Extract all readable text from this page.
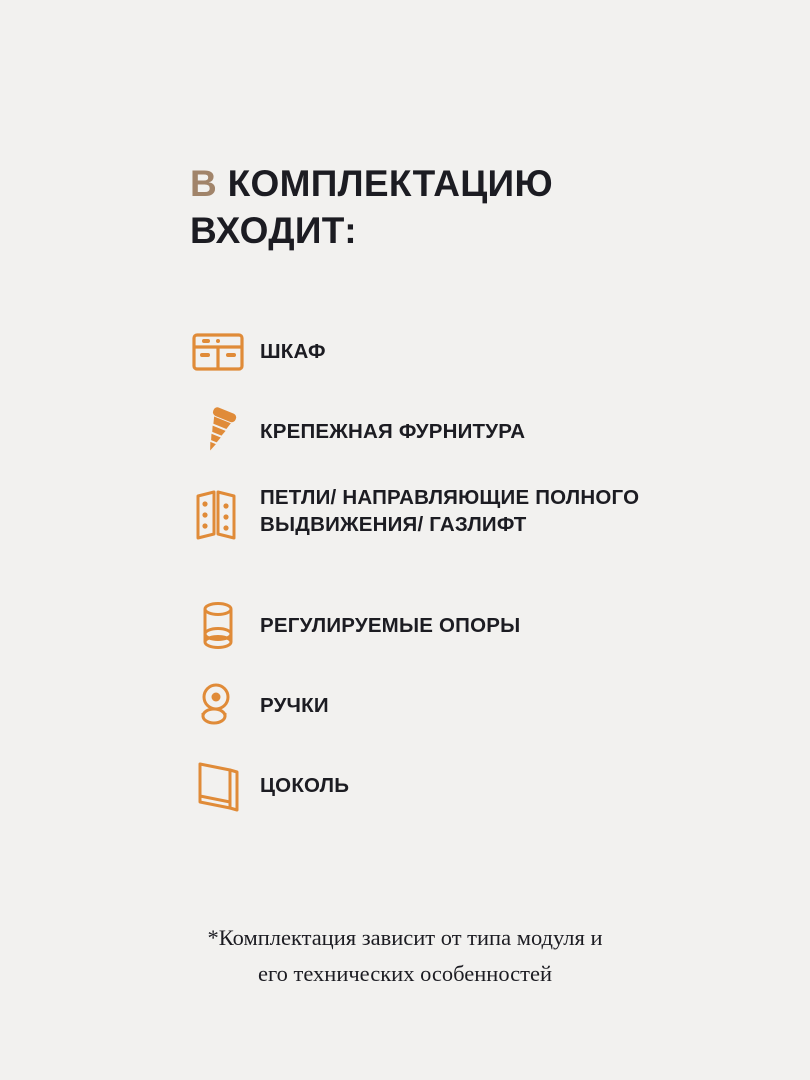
В КОМПЛЕКТАЦИЮ
ВХОДИТ:
ШКАФ
КРЕПЕЖНАЯ ФУРНИТУРА
ПЕТЛИ/ НАПРАВЛЯЮЩИЕ ПОЛНОГО ВЫДВИЖЕНИЯ/ ГАЗЛИФТ
РЕГУЛИРУЕМЫЕ ОПОРЫ
РУЧКИ
ЦОКОЛЬ
*Комплектация зависит от типа модуля и
его технических особенностей
